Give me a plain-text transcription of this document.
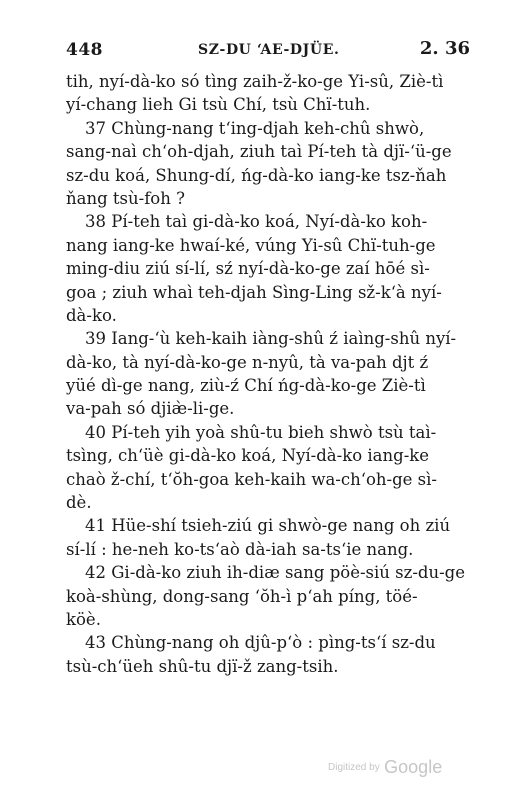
448	SZ-DU ‘AE-DJÜE.	2. 36
tih, nyí-dà-ko só tìng zaih-ž-ko-ge Yi-sû, Ziè-tì
yí-chang lieh Gi tsù Chí, tsù Chï-tuh.
37 Chùng-nang t‘ing-djah keh-chû shwò,
sang-naì ch‘oh-djah, ziuh taì Pí-teh tà djï-‘ü-ge
sz-du koá, Shung-dí, ńg-dà-ko iang-ke tsz-ňah
ňang tsù-foh ?
38 Pí-teh taì gi-dà-ko koá, Nyí-dà-ko koh-
nang iang-ke hwaí-ké, vúng Yi-sû Chï-tuh-ge
ming-diu ziú sí-lí, sź nyí-dà-ko-ge zaí hōé sì-
goa ; ziuh whaì teh-djah Sìng-Ling sž-k‘à nyí-
dà-ko.
39 Iang-‘ù keh-kaih iàng-shû ź iaìng-shû nyí-
dà-ko, tà nyí-dà-ko-ge n-nyû, tà va-pah djt ź
yüé dì-ge nang, ziù-ź Chí ńg-dà-ko-ge Ziè-tì
va-pah só djiæ̀-li-ge.
40 Pí-teh yih yoà shû-tu bieh shwò tsù taì-
tsìng, ch‘üè gi-dà-ko koá, Nyí-dà-ko iang-ke
chaò ž-chí, t‘ŏh-goa keh-kaih wa-ch‘oh-ge sì-
dè.
41 Hüe-shí tsieh-ziú gi shwò-ge nang oh ziú
sí-lí : he-neh ko-ts‘aò dà-iah sa-ts‘ie nang.
42 Gi-dà-ko ziuh ih-diæ sang pöè-siú sz-du-ge
koà-shùng, dong-sang ‘ŏh-ì p‘ah píng, töé-
köè.
43 Chùng-nang oh djû-p‘ò : pìng-ts‘í sz-du
tsù-ch‘üeh shû-tu djï-ž zang-tsih.
Digitized by Google
